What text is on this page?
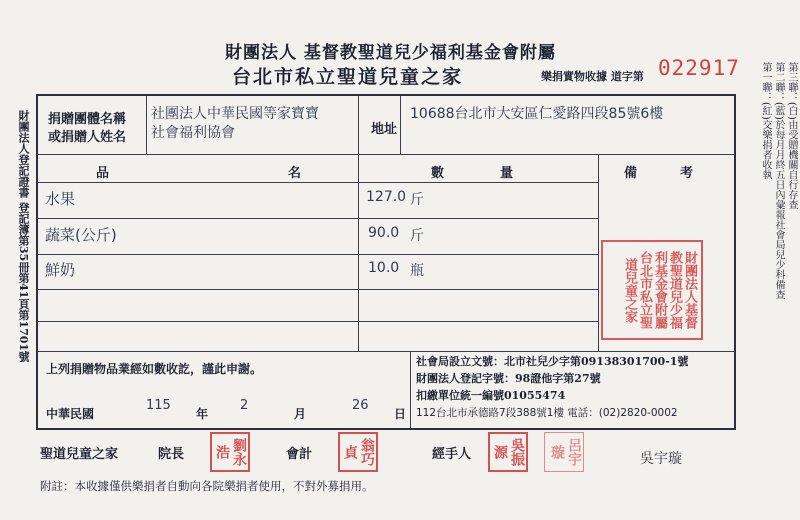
財團法人 基督教聖道兒少福利基金會附屬
台北市私立聖道兒童之家	樂捐實物收據 道字第 022917
財團法人登記證書 登記簿第35冊第41頁第1701號	第三聯：(白)由受贈機關自行存查
第二聯：(藍)於每月月終五日內彙報社會局兒少科備查
第一聯：(紅)交樂捐者收執
捐贈團體名稱
或捐贈人姓名
社團法人中華民國等家寶寶
社會福利協會	地址
10688台北市大安區仁愛路四段85號6樓
品	名	數	量	備	考
水果	127.0 斤
蔬菜(公斤)	90.0 斤
鮮奶	10.0 瓶	財團法人基督教聖道兒少福利基金會附屬台北市私立聖道兒童之家
上列捐贈物品業經如數收訖，謹此申謝。
中華民國
115
年
2
月
26
日
社會局設立文號：北市社兒少字第09138301700-1號
財團法人登記字號：98證他字第27號
扣繳單位統一編號01055474
112台北市承德路7段388號1樓 電話：(02)2820-0002
聖道兒童之家	院長	劉永浩	會計	翁巧貞	經手人	吳振源	呂宇璇	吳宇璇
附註：本收據僅供樂捐者自動向各院樂捐者使用，不對外募捐用。
